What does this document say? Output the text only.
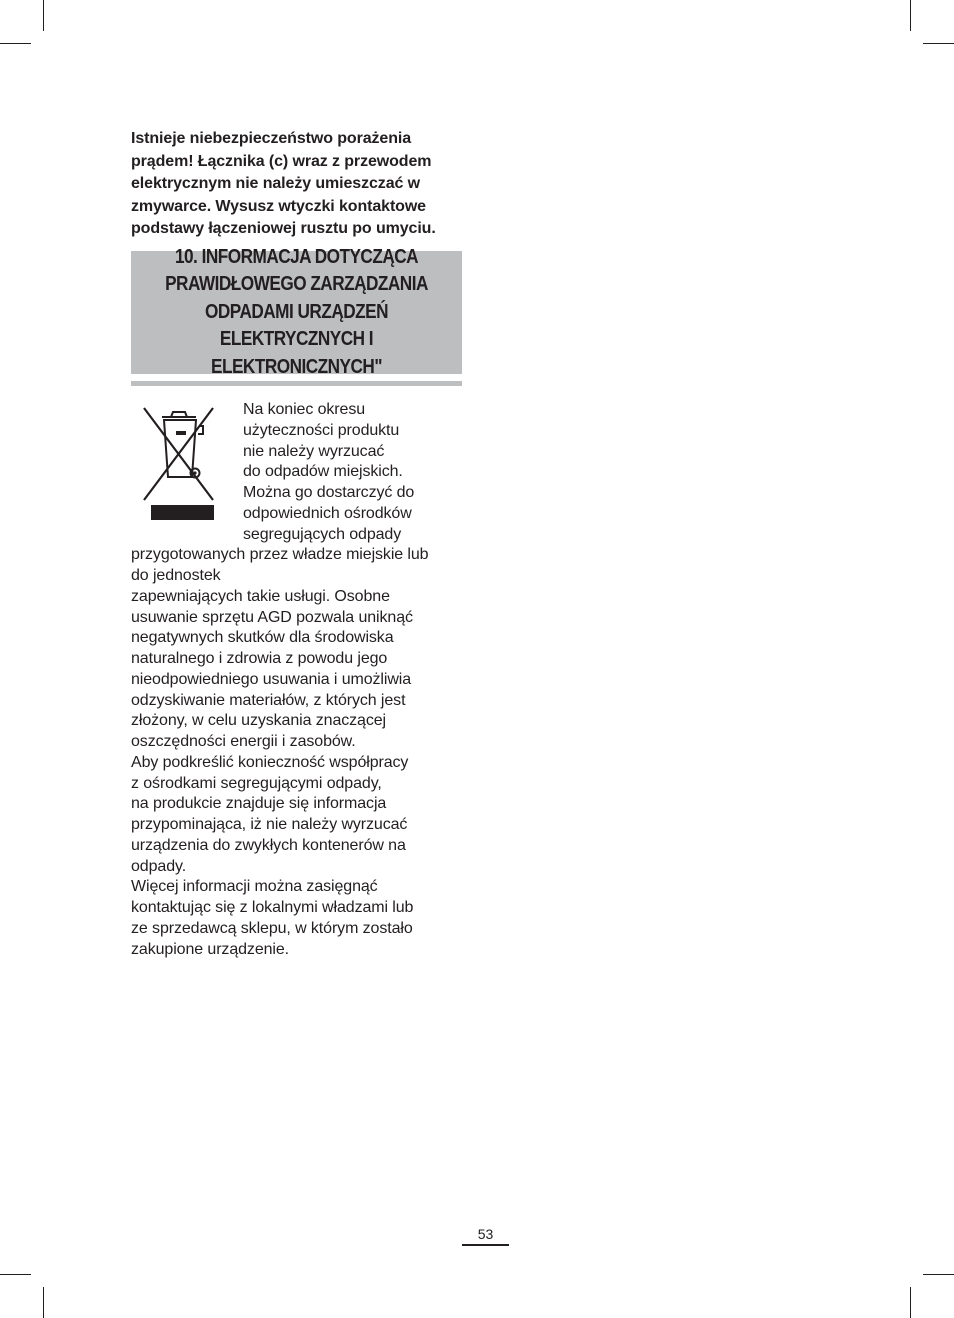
Istnieje niebezpieczeństwo porażenia
prądem! Łącznika (c) wraz z przewodem
elektrycznym nie należy umieszczać w
zmywarce. Wysusz wtyczki kontaktowe
podstawy łączeniowej rusztu po umyciu.
10. INFORMACJA DOTYCZĄCA
PRAWIDŁOWEGO ZARZĄDZANIA
ODPADAMI URZĄDZEŃ
ELEKTRYCZNYCH I ELEKTRONICZNYCH"
Na koniec okresu
użyteczności produktu
nie należy wyrzucać
do odpadów miejskich.
Można go dostarczyć do
odpowiednich ośrodków
segregujących odpady
przygotowanych przez władze miejskie lub
do jednostek
zapewniających takie usługi. Osobne
usuwanie sprzętu AGD pozwala uniknąć
negatywnych skutków dla środowiska
naturalnego i zdrowia z powodu jego
nieodpowiedniego usuwania i umożliwia
odzyskiwanie materiałów, z których jest
złożony, w celu uzyskania znaczącej
oszczędności energii i zasobów.
Aby podkreślić konieczność współpracy
z ośrodkami segregującymi odpady,
na produkcie znajduje się informacja
przypominająca, iż nie należy wyrzucać
urządzenia do zwykłych kontenerów na
odpady.
Więcej informacji można zasięgnąć
kontaktując się z lokalnymi władzami lub
ze sprzedawcą sklepu, w którym zostało
zakupione urządzenie.
53
